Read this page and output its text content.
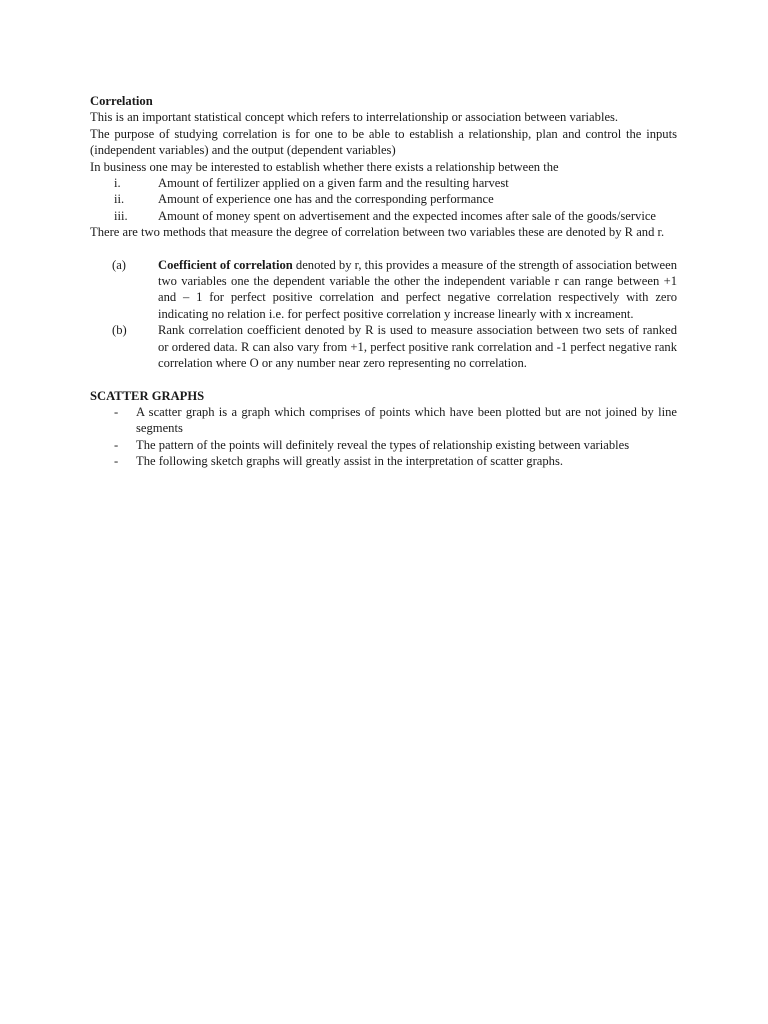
Correlation

This is an important statistical concept which refers to interrelationship or association between variables.

The purpose of studying correlation is for one to be able to establish a relationship, plan and control the inputs (independent variables) and the output (dependent variables)

In business one may be interested to establish whether there exists a relationship between the

i.	Amount of fertilizer applied on a given farm and the resulting harvest
ii.	Amount of experience one has and the corresponding performance
iii.	Amount of money spent on advertisement and the expected incomes after sale of the goods/service

There are two methods that measure the degree of correlation between two variables these are denoted by R and r.

(a)	Coefficient of correlation denoted by r, this provides a measure of the strength of association between two variables one the dependent variable the other the independent variable r can range between +1 and – 1 for perfect positive correlation and perfect negative correlation respectively with zero indicating no relation i.e. for perfect positive correlation y increase linearly with x increament.
(b)	Rank correlation coefficient denoted by R is used to measure association between two sets of ranked or ordered data. R can also vary from +1, perfect positive rank correlation and -1 perfect negative rank correlation where O or any number near zero representing no correlation.

SCATTER GRAPHS

-	A scatter graph is a graph which comprises of points which have been plotted but are not joined by line segments
-	The pattern of the points will definitely reveal the types of relationship existing between variables
-	The following sketch graphs will greatly assist in the interpretation of scatter graphs.
